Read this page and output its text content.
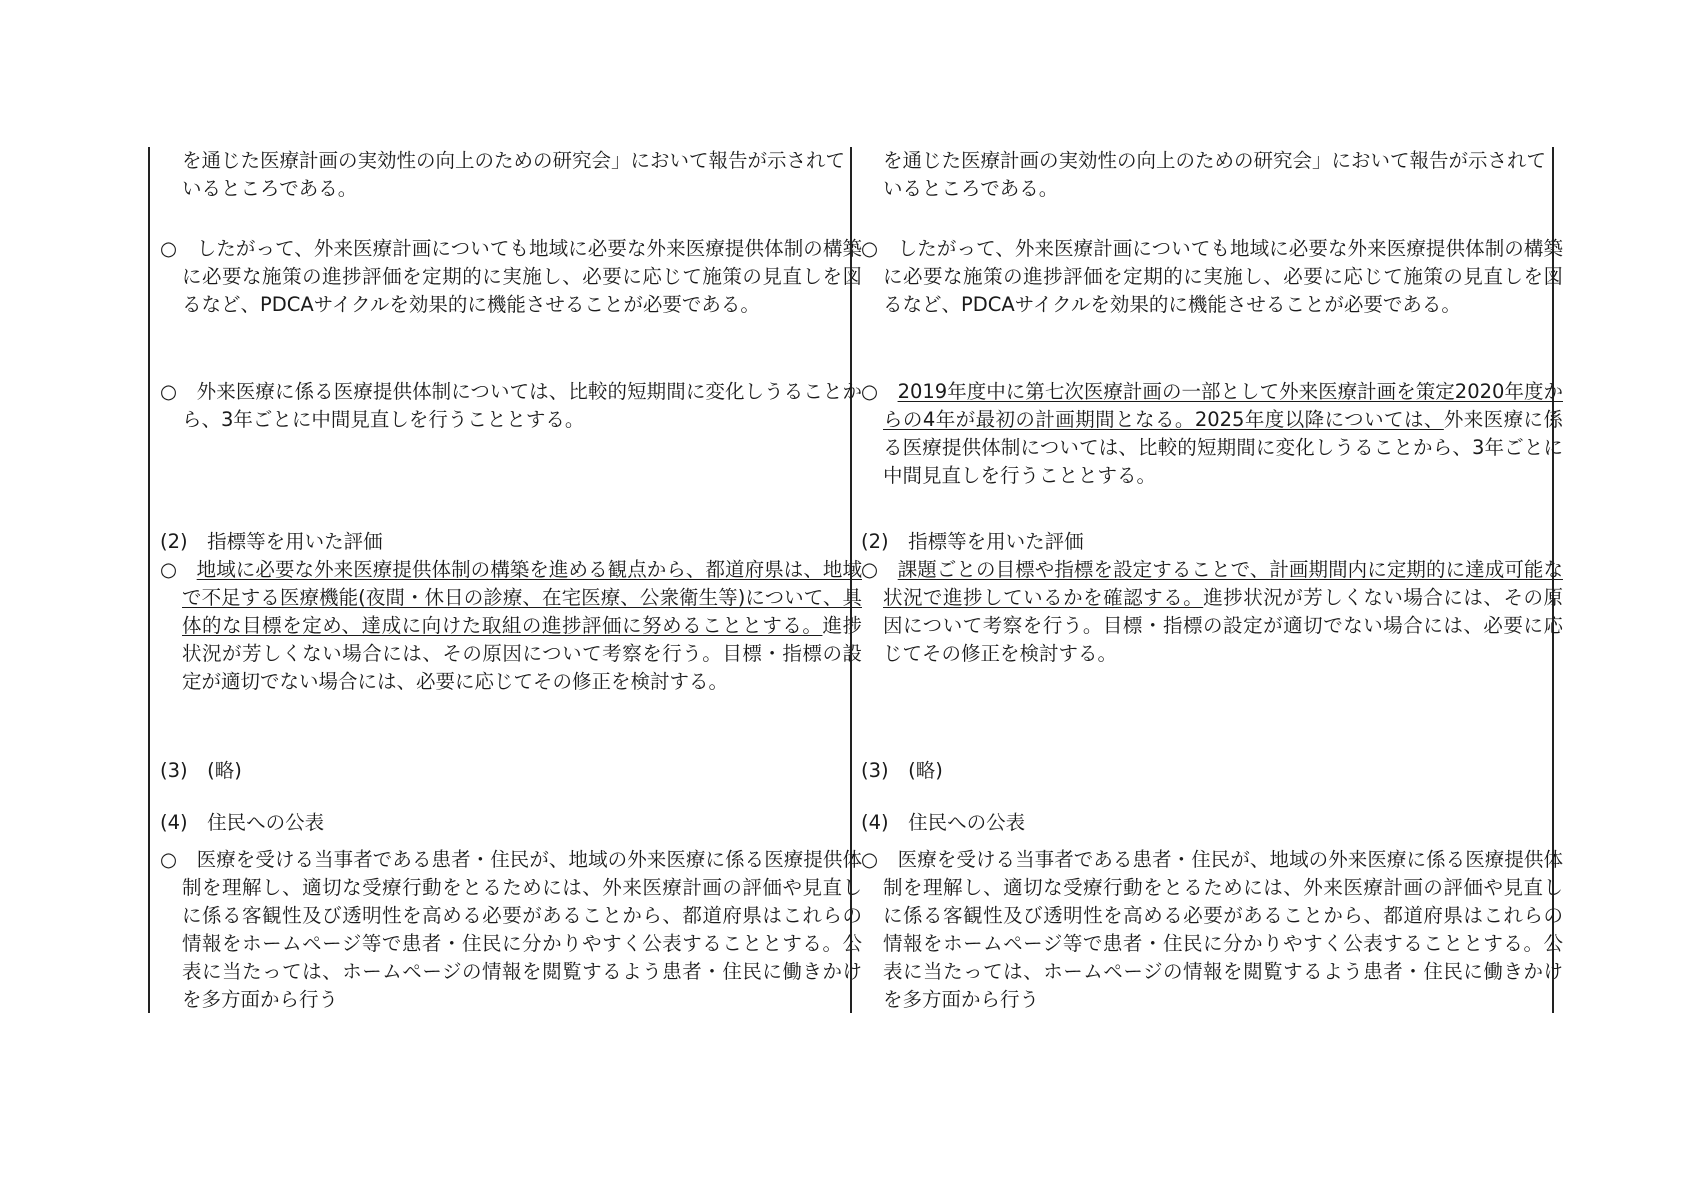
を通じた医療計画の実効性の向上のための研究会」において報告が示されているところである。
○　したがって、外来医療計画についても地域に必要な外来医療提供体制の構築に必要な施策の進捗評価を定期的に実施し、必要に応じて施策の見直しを図るなど、PDCAサイクルを効果的に機能させることが必要である。
○　外来医療に係る医療提供体制については、比較的短期間に変化しうることから、3年ごとに中間見直しを行うこととする。
(2)　指標等を用いた評価
○　地域に必要な外来医療提供体制の構築を進める観点から、都道府県は、地域で不足する医療機能(夜間・休日の診療、在宅医療、公衆衛生等)について、具体的な目標を定め、達成に向けた取組の進捗評価に努めることとする。進捗状況が芳しくない場合には、その原因について考察を行う。目標・指標の設定が適切でない場合には、必要に応じてその修正を検討する。
(3)　(略)
(4)　住民への公表
○　医療を受ける当事者である患者・住民が、地域の外来医療に係る医療提供体制を理解し、適切な受療行動をとるためには、外来医療計画の評価や見直しに係る客観性及び透明性を高める必要があることから、都道府県はこれらの情報をホームページ等で患者・住民に分かりやすく公表することとする。公表に当たっては、ホームページの情報を閲覧するよう患者・住民に働きかけを多方面から行う
を通じた医療計画の実効性の向上のための研究会」において報告が示されているところである。
○　したがって、外来医療計画についても地域に必要な外来医療提供体制の構築に必要な施策の進捗評価を定期的に実施し、必要に応じて施策の見直しを図るなど、PDCAサイクルを効果的に機能させることが必要である。
○　2019年度中に第七次医療計画の一部として外来医療計画を策定2020年度からの4年が最初の計画期間となる。2025年度以降については、外来医療に係る医療提供体制については、比較的短期間に変化しうることから、3年ごとに中間見直しを行うこととする。
(2)　指標等を用いた評価
○　課題ごとの目標や指標を設定することで、計画期間内に定期的に達成可能な状況で進捗しているかを確認する。進捗状況が芳しくない場合には、その原因について考察を行う。目標・指標の設定が適切でない場合には、必要に応じてその修正を検討する。
(3)　(略)
(4)　住民への公表
○　医療を受ける当事者である患者・住民が、地域の外来医療に係る医療提供体制を理解し、適切な受療行動をとるためには、外来医療計画の評価や見直しに係る客観性及び透明性を高める必要があることから、都道府県はこれらの情報をホームページ等で患者・住民に分かりやすく公表することとする。公表に当たっては、ホームページの情報を閲覧するよう患者・住民に働きかけを多方面から行う
